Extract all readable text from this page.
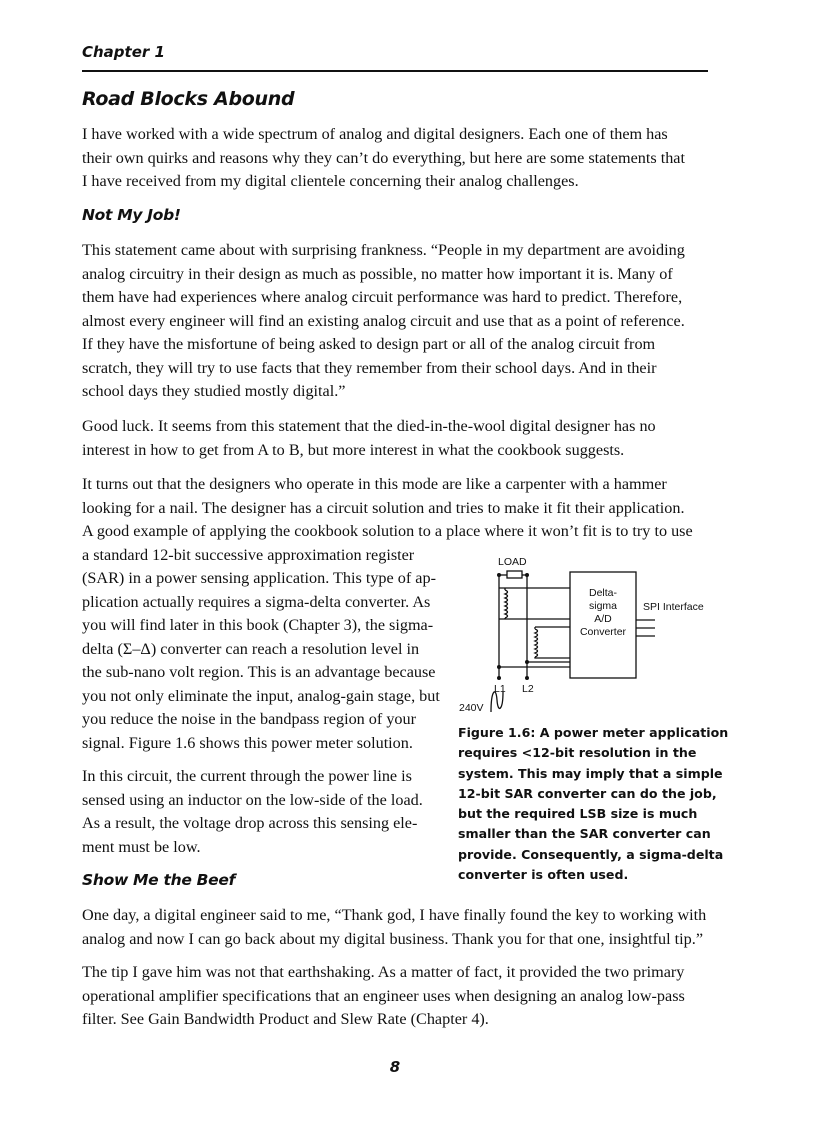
Chapter 1
Road Blocks Abound
I have worked with a wide spectrum of analog and digital designers. Each one of them has
their own quirks and reasons why they can’t do everything, but here are some statements that
I have received from my digital clientele concerning their analog challenges.
Not My Job!
This statement came about with surprising frankness. “People in my department are avoiding
analog circuitry in their design as much as possible, no matter how important it is. Many of
them have had experiences where analog circuit performance was hard to predict. Therefore,
almost every engineer will find an existing analog circuit and use that as a point of reference.
If they have the misfortune of being asked to design part or all of the analog circuit from
scratch, they will try to use facts that they remember from their school days. And in their
school days they studied mostly digital.”
Good luck. It seems from this statement that the died-in-the-wool digital designer has no
interest in how to get from A to B, but more interest in what the cookbook suggests.
It turns out that the designers who operate in this mode are like a carpenter with a hammer
looking for a nail. The designer has a circuit solution and tries to make it fit their application.
A good example of applying the cookbook solution to a place where it won’t fit is to try to use
a standard 12-bit successive approximation register
(SAR) in a power sensing application. This type of ap-
plication actually requires a sigma-delta converter. As
you will find later in this book (Chapter 3), the sigma-
delta (Σ–Δ) converter can reach a resolution level in
the sub-nano volt region. This is an advantage because
you not only eliminate the input, analog-gain stage, but
you reduce the noise in the bandpass region of your
signal. Figure 1.6 shows this power meter solution.
In this circuit, the current through the power line is
sensed using an inductor on the low-side of the load.
As a result, the voltage drop across this sensing ele-
ment must be low.
Show Me the Beef
One day, a digital engineer said to me, “Thank god, I have finally found the key to working with
analog and now I can go back about my digital business. Thank you for that one, insightful tip.”
The tip I gave him was not that earthshaking. As a matter of fact, it provided the two primary
operational amplifier specifications that an engineer uses when designing an analog low-pass
filter. See Gain Bandwidth Product and Slew Rate (Chapter 4).
LOAD
Delta-
sigma
A/D
Converter
SPI Interface
L1 L2
240V
Figure 1.6: A power meter application
requires <12-bit resolution in the
system. This may imply that a simple
12-bit SAR converter can do the job,
but the required LSB size is much
smaller than the SAR converter can
provide. Consequently, a sigma-delta
converter is often used.
8
